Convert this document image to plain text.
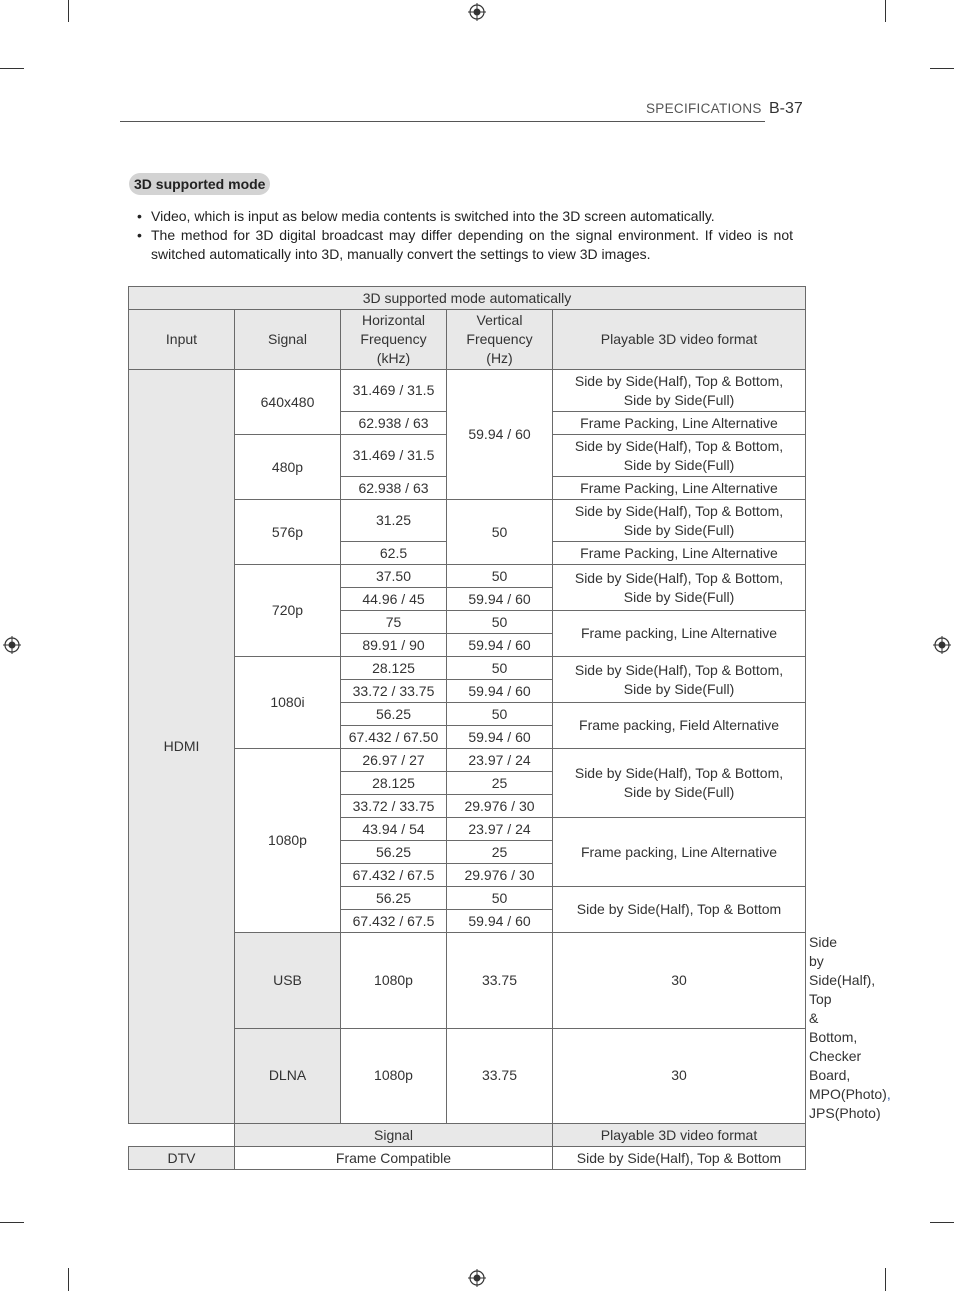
SPECIFICATIONS B-37
3D supported mode
• Video, which is input as below media contents is switched into the 3D screen automatically.
• The method for 3D digital broadcast may differ depending on the signal environment. If video is not switched automatically into 3D, manually convert the settings to view 3D images.
3D supported mode automatically					
Input	Signal	Horizontal
Frequency
(kHz)	Vertical
Frequency
(Hz)	Playable 3D video format	
HDMI	640x480	31.469 / 31.5	59.94 / 60	Side by Side(Half), Top & Bottom,
Side by Side(Full)	
		62.938 / 63		Frame Packing, Line Alternative	
	480p	31.469 / 31.5		Side by Side(Half), Top & Bottom,
Side by Side(Full)	
		62.938 / 63		Frame Packing, Line Alternative	
	576p	31.25	50	Side by Side(Half), Top & Bottom,
Side by Side(Full)	
		62.5		Frame Packing, Line Alternative	
	720p	37.50	50	Side by Side(Half), Top & Bottom,
Side by Side(Full)	
		44.96 / 45	59.94 / 60		
		75	50	Frame packing, Line Alternative	
		89.91 / 90	59.94 / 60		
	1080i	28.125	50	Side by Side(Half), Top & Bottom,
Side by Side(Full)	
		33.72 / 33.75	59.94 / 60		
		56.25	50	Frame packing, Field Alternative	
		67.432 / 67.50	59.94 / 60		
	1080p	26.97 / 27	23.97 / 24	Side by Side(Half), Top & Bottom,
Side by Side(Full)	
		28.125	25		
		33.72 / 33.75	29.976 / 30		
		43.94 / 54	23.97 / 24	Frame packing, Line Alternative	
		56.25	25		
		67.432 / 67.5	29.976 / 30		
		56.25	50	Side by Side(Half), Top & Bottom	
		67.432 / 67.5	59.94 / 60		
	USB	1080p	33.75	30	Side by Side(Half), Top & Bottom,
Checker Board, MPO(Photo),
JPS(Photo)
	DLNA	1080p	33.75	30	
	Signal			Playable 3D video format	
DTV	Frame Compatible			Side by Side(Half), Top & Bottom	
